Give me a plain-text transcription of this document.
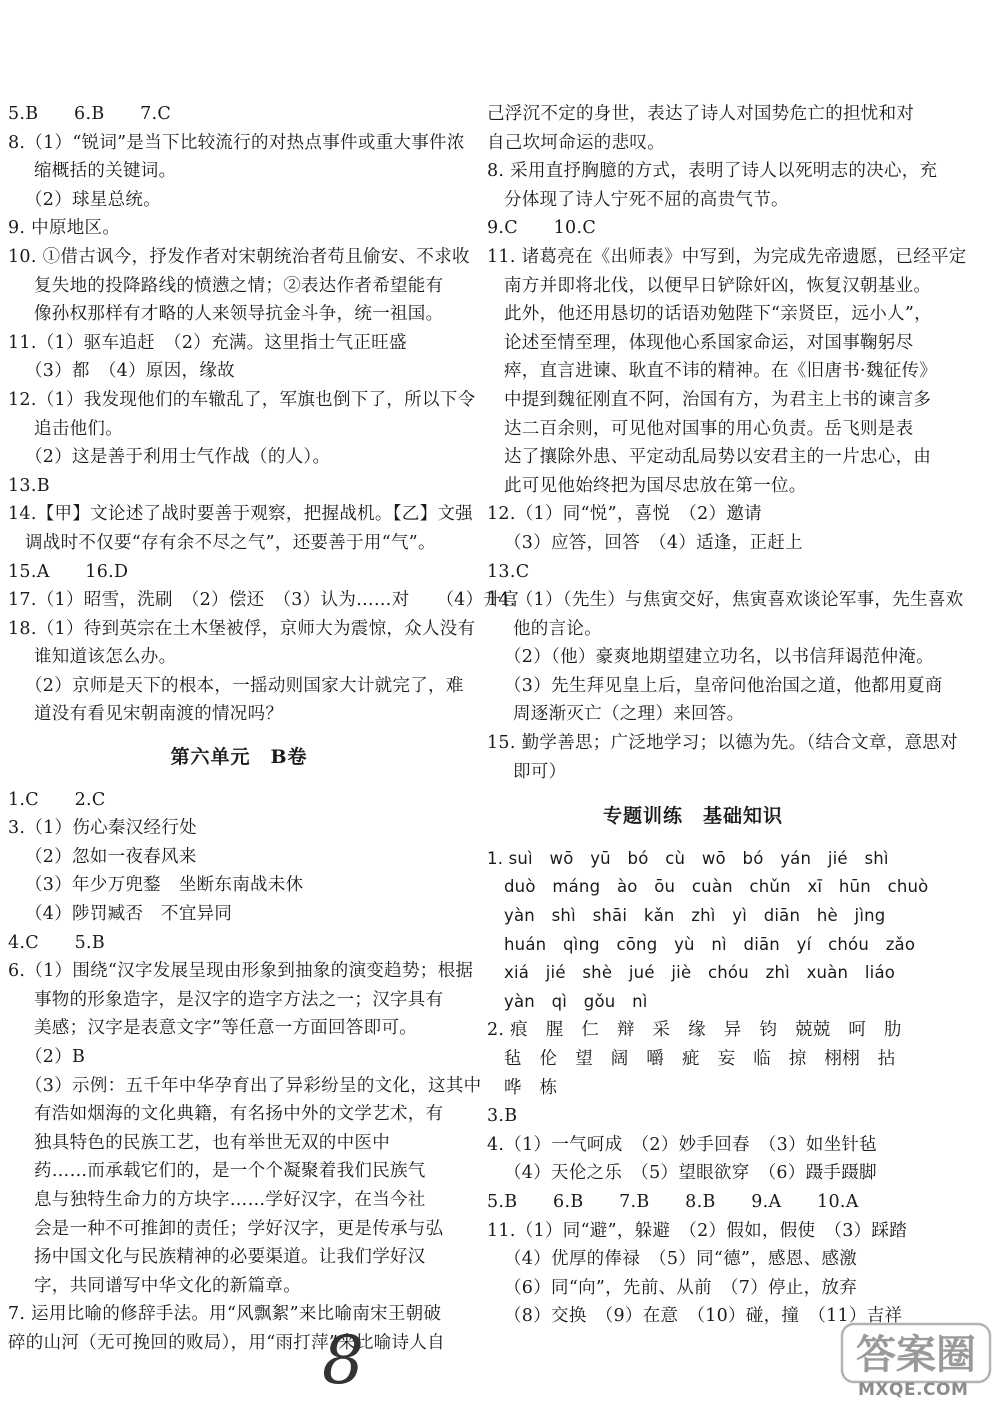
5.B　　6.B　　7.C
8.（1）“锐词”是当下比较流行的对热点事件或重大事件浓
缩概括的关键词。
（2）球星总统。
9. 中原地区。
10. ①借古讽今，抒发作者对宋朝统治者苟且偷安、不求收
复失地的投降路线的愤懑之情；②表达作者希望能有
像孙权那样有才略的人来领导抗金斗争，统一祖国。
11.（1）驱车追赶　（2）充满。这里指士气正旺盛
（3）都　（4）原因，缘故
12.（1）我发现他们的车辙乱了，军旗也倒下了，所以下令
追击他们。
（2）这是善于利用士气作战（的人）。
13.B
14.【甲】文论述了战时要善于观察，把握战机。【乙】文强
调战时不仅要“存有余不尽之气”，还要善于用“气”。
15.A　　16.D
17.（1）昭雪，洗刷　（2）偿还　（3）认为……对　　（4）升官
18.（1）待到英宗在土木堡被俘，京师大为震惊，众人没有
谁知道该怎么办。
（2）京师是天下的根本，一摇动则国家大计就完了，难
道没有看见宋朝南渡的情况吗？
第六单元　B卷
1.C　　2.C
3.（1）伤心秦汉经行处
（2）忽如一夜春风来
（3）年少万兜鍪　坐断东南战未休
（4）陟罚臧否　不宜异同
4.C　　5.B
6.（1）围绕“汉字发展呈现由形象到抽象的演变趋势；根据
事物的形象造字，是汉字的造字方法之一；汉字具有
美感；汉字是表意文字”等任意一方面回答即可。
（2）B
（3）示例：五千年中华孕育出了异彩纷呈的文化，这其中
有浩如烟海的文化典籍，有名扬中外的文学艺术，有
独具特色的民族工艺，也有举世无双的中医中
药……而承载它们的，是一个个凝聚着我们民族气
息与独特生命力的方块字……学好汉字，在当今社
会是一种不可推卸的责任；学好汉字，更是传承与弘
扬中国文化与民族精神的必要渠道。让我们学好汉
字，共同谱写中华文化的新篇章。
7. 运用比喻的修辞手法。用“风飘絮”来比喻南宋王朝破
碎的山河（无可挽回的败局），用“雨打萍”来比喻诗人自
己浮沉不定的身世，表达了诗人对国势危亡的担忧和对
自己坎坷命运的悲叹。
8. 采用直抒胸臆的方式，表明了诗人以死明志的决心，充
分体现了诗人宁死不屈的高贵气节。
9.C　　10.C
11. 诸葛亮在《出师表》中写到，为完成先帝遗愿，已经平定
南方并即将北伐，以便早日铲除奸凶，恢复汉朝基业。
此外，他还用恳切的话语劝勉陛下“亲贤臣，远小人”，
论述至情至理，体现他心系国家命运，对国事鞠躬尽
瘁，直言进谏、耿直不讳的精神。在《旧唐书·魏征传》
中提到魏征刚直不阿，治国有方，为君主上书的谏言多
达二百余则，可见他对国事的用心负责。岳飞则是表
达了攘除外患、平定动乱局势以安君主的一片忠心，由
此可见他始终把为国尽忠放在第一位。
12.（1）同“悦”，喜悦　（2）邀请
（3）应答，回答　（4）适逢，正赶上
13.C
14.（1）（先生）与焦寅交好，焦寅喜欢谈论军事，先生喜欢
他的言论。
（2）（他）豪爽地期望建立功名，以书信拜谒范仲淹。
（3）先生拜见皇上后，皇帝问他治国之道，他都用夏商
周逐渐灭亡（之理）来回答。
15. 勤学善思；广泛地学习；以德为先。（结合文章，意思对
即可）
专题训练　基础知识
1. suì　wō　yū　bó　cù　wō　bó　yán　jié　shì
duò　máng　ào　ōu　cuàn　chǔn　xī　hūn　chuò
yàn　shì　shāi　kǎn　zhì　yì　diān　hè　jìng
huán　qìng　cōng　yù　nì　diān　yí　chóu　zǎo
xiá　jié　shè　jué　jiè　chóu　zhì　xuàn　liáo
yàn　qì　gǒu　nì
2. 痕　腥　仁　辩　采　缘　异　钧　兢兢　呵　肋
毡　伦　望　阔　嚼　疵　妄　临　掠　栩栩　拈
哗　栋
3.B
4.（1）一气呵成　（2）妙手回春　（3）如坐针毡
（4）天伦之乐　（5）望眼欲穿　（6）蹑手蹑脚
5.B　　6.B　　7.B　　8.B　　9.A　　10.A
11.（1）同“避”，躲避　（2）假如，假使　（3）踩踏
（4）优厚的俸禄　（5）同“德”，感恩、感激
（6）同“向”，先前、从前　（7）停止，放弃
（8）交换　（9）在意　（10）碰，撞　（11）吉祥
8	答案圈
MXQE.COM
